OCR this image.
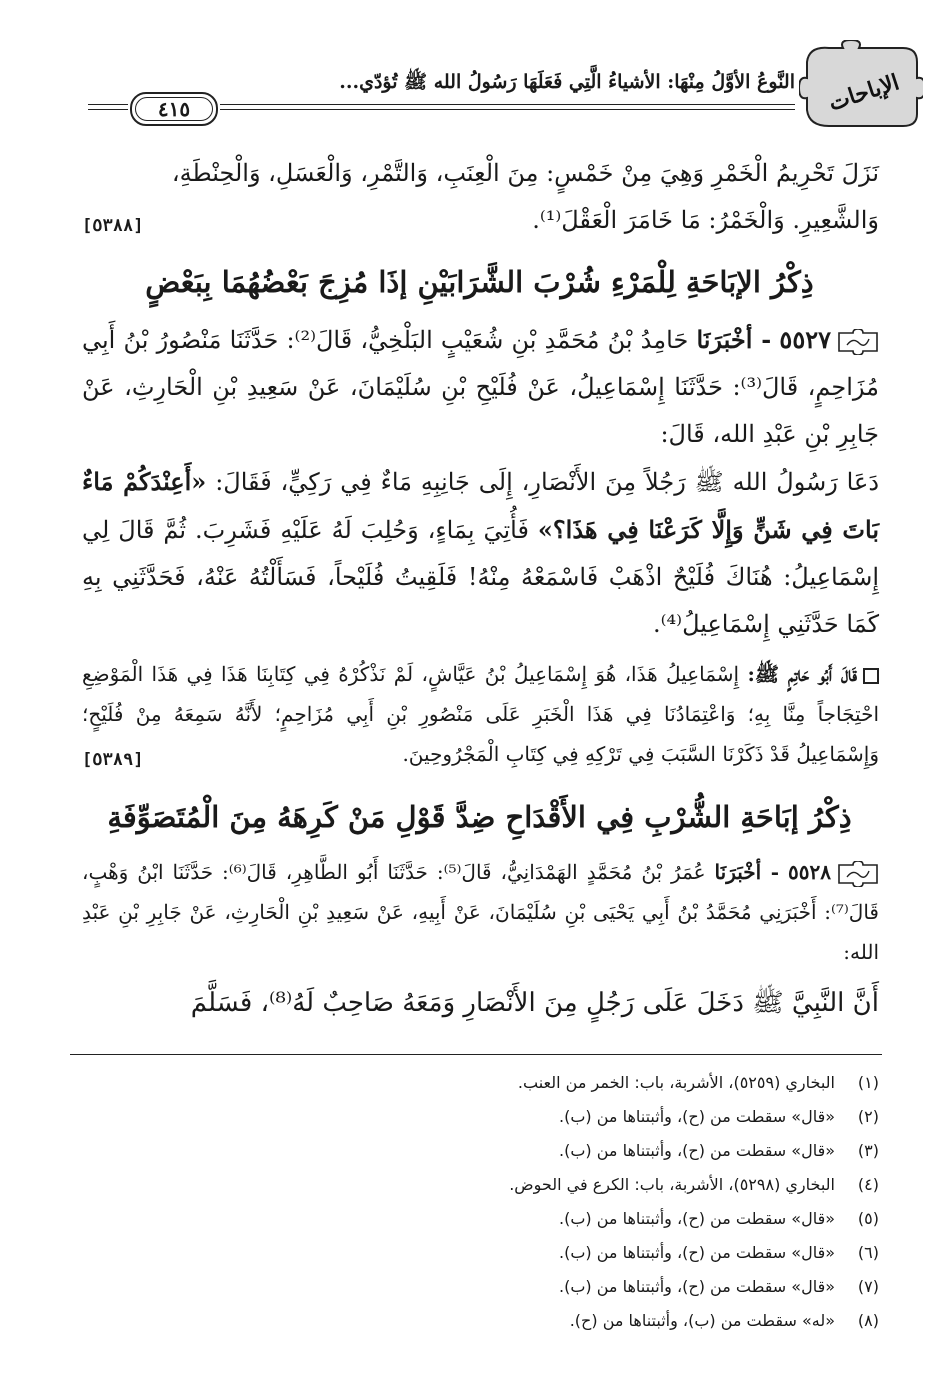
الإباحات
النَّوعُ الأوَّلُ مِنْهَا: الأشياءُ الَّتِي فَعَلَهَا رَسُولُ الله ﷺ تُؤدّي...
٤١٥
نَزَلَ تَحْرِيمُ الْخَمْرِ وَهِيَ مِنْ خَمْسٍ: مِنَ الْعِنَبِ، وَالتَّمْرِ، وَالْعَسَلِ، وَالْحِنْطَةِ،
وَالشَّعِيرِ. وَالْخَمْرُ: مَا خَامَرَ الْعَقْلَ⁽¹⁾.
[٥٣٨٨]
ذِكْرُ الإبَاحَةِ لِلْمَرْءِ شُرْبَ الشَّرَابَيْنِ إذَا مُزِجَ بَعْضُهُمَا بِبَعْضٍ
٥٥٢٧ - أخْبَرَنَا حَامِدُ بْنُ مُحَمَّدِ بْنِ شُعَيْبٍ البَلْخِيُّ، قَالَ⁽²⁾: حَدَّثَنَا مَنْصُورُ بْنُ أَبِي مُزَاحِمٍ، قَالَ⁽³⁾: حَدَّثَنَا إِسْمَاعِيلُ، عَنْ فُلَيْحِ بْنِ سُلَيْمَانَ، عَنْ سَعِيدِ بْنِ الْحَارِثِ، عَنْ جَابِرِ بْنِ عَبْدِ الله، قَالَ:
دَعَا رَسُولُ الله ﷺ رَجُلاً مِنَ الأَنْصَارِ، إِلَى جَانِبِهِ مَاءٌ فِي رَكِيٍّ، فَقَالَ: «أَعِنْدَكُمْ مَاءٌ بَاتَ فِي شَنٍّ وَإِلَّا كَرَعْنَا فِي هَذَا؟» فَأُتِيَ بِمَاءٍ، وَحُلِبَ لَهُ عَلَيْهِ فَشَرِبَ. ثُمَّ قَالَ لِي إِسْمَاعِيلُ: هُنَاكَ فُلَيْحٌ اذْهَبْ فَاسْمَعْهُ مِنْهُ! فَلَقِيتُ فُلَيْحاً، فَسَأَلْتُهُ عَنْهُ، فَحَدَّثَنِي بِهِ كَمَا حَدَّثَنِي إِسْمَاعِيلُ⁽⁴⁾.
قَالَ أَبُو حَاتِمٍ ﷺ: إِسْمَاعِيلُ هَذَا، هُوَ إِسْمَاعِيلُ بْنُ عَيَّاشٍ، لَمْ نَذْكُرْهُ فِي كِتَابِنَا هَذَا فِي هَذَا الْمَوْضِعِ احْتِجَاجاً مِنَّا بِهِ؛ وَاعْتِمَادُنَا فِي هَذَا الْخَبَرِ عَلَى مَنْصُورِ بْنِ أَبِي مُزَاحِمٍ؛ لأَنَّهُ سَمِعَهُ مِنْ فُلَيْحٍ؛ وَإِسْمَاعِيلُ قَدْ ذَكَرْنَا السَّبَبَ فِي تَرْكِهِ فِي كِتَابِ الْمَجْرُوحِينَ.
[٥٣٨٩]
ذِكْرُ إبَاحَةِ الشُّرْبِ فِي الأَقْدَاحِ ضِدَّ قَوْلِ مَنْ كَرِهَهُ مِنَ الْمُتَصَوِّفَةِ
٥٥٢٨ - أخْبَرَنَا عُمَرُ بْنُ مُحَمَّدٍ الهَمْدَانِيُّ، قَالَ⁽⁵⁾: حَدَّثَنَا أَبُو الطَّاهِرِ، قَالَ⁽⁶⁾: حَدَّثَنَا ابْنُ وَهْبٍ، قَالَ⁽⁷⁾: أَخْبَرَنِي مُحَمَّدُ بْنُ أَبِي يَحْيَى بْنِ سُلَيْمَانَ، عَنْ أَبِيهِ، عَنْ سَعِيدِ بْنِ الْحَارِثِ، عَنْ جَابِرِ بْنِ عَبْدِ الله:
أَنَّ النَّبِيَّ ﷺ دَخَلَ عَلَى رَجُلٍ مِنَ الأَنْصَارِ وَمَعَهُ صَاحِبٌ لَهُ⁽⁸⁾، فَسَلَّمَ
(١)البخاري (٥٢٥٩)، الأشربة، باب: الخمر من العنب.
(٢)«قال» سقطت من (ح)، وأثبتناها من (ب).
(٣)«قال» سقطت من (ح)، وأثبتناها من (ب).
(٤)البخاري (٥٢٩٨)، الأشربة، باب: الكرع في الحوض.
(٥)«قال» سقطت من (ح)، وأثبتناها من (ب).
(٦)«قال» سقطت من (ح)، وأثبتناها من (ب).
(٧)«قال» سقطت من (ح)، وأثبتناها من (ب).
(٨)«له» سقطت من (ب)، وأثبتناها من (ح).
